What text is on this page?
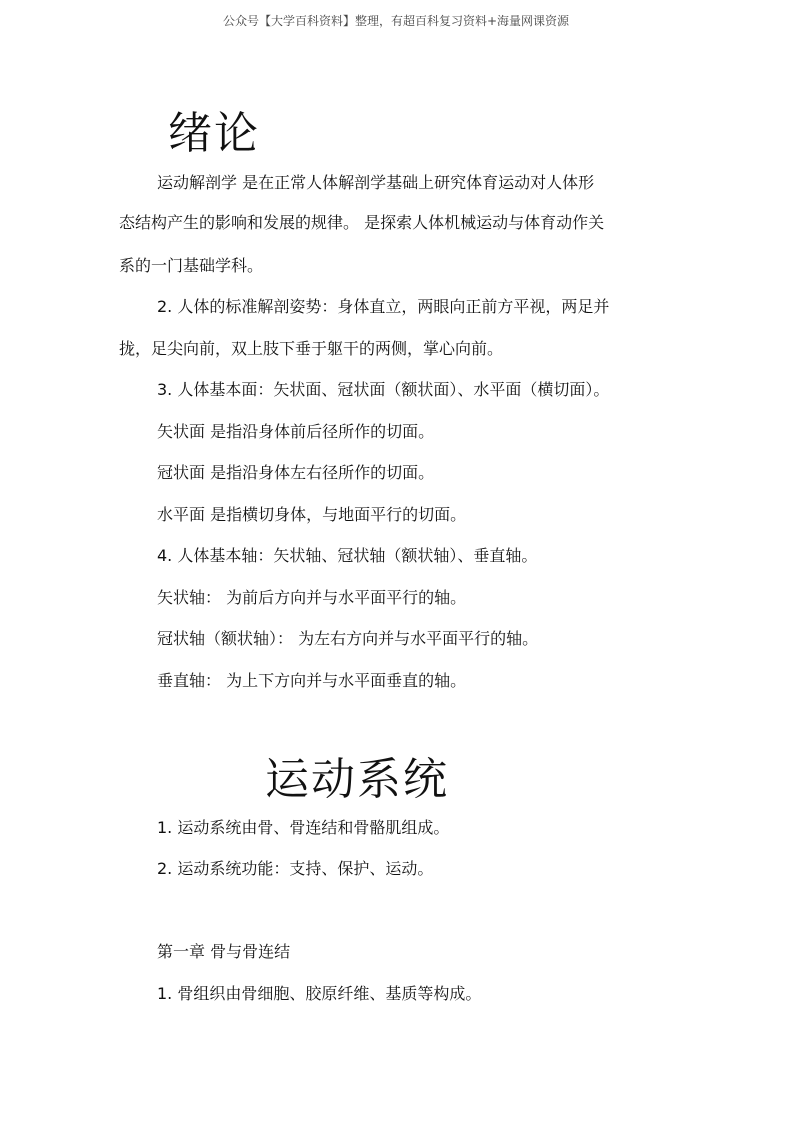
公众号【大学百科资料】整理，有超百科复习资料+海量网课资源
绪论
运动解剖学 是在正常人体解剖学基础上研究体育运动对人体形
态结构产生的影响和发展的规律。 是探索人体机械运动与体育动作关
系的一门基础学科。
2. 人体的标准解剖姿势：身体直立，两眼向正前方平视，两足并
拢，足尖向前，双上肢下垂于躯干的两侧，掌心向前。
3. 人体基本面：矢状面、冠状面（额状面）、水平面（横切面）。
矢状面 是指沿身体前后径所作的切面。
冠状面 是指沿身体左右径所作的切面。
水平面 是指横切身体，与地面平行的切面。
4. 人体基本轴：矢状轴、冠状轴（额状轴）、垂直轴。
矢状轴： 为前后方向并与水平面平行的轴。
冠状轴（额状轴）： 为左右方向并与水平面平行的轴。
垂直轴： 为上下方向并与水平面垂直的轴。
运动系统
1. 运动系统由骨、骨连结和骨骼肌组成。
2. 运动系统功能：支持、保护、运动。
第一章 骨与骨连结
1. 骨组织由骨细胞、胶原纤维、基质等构成。
